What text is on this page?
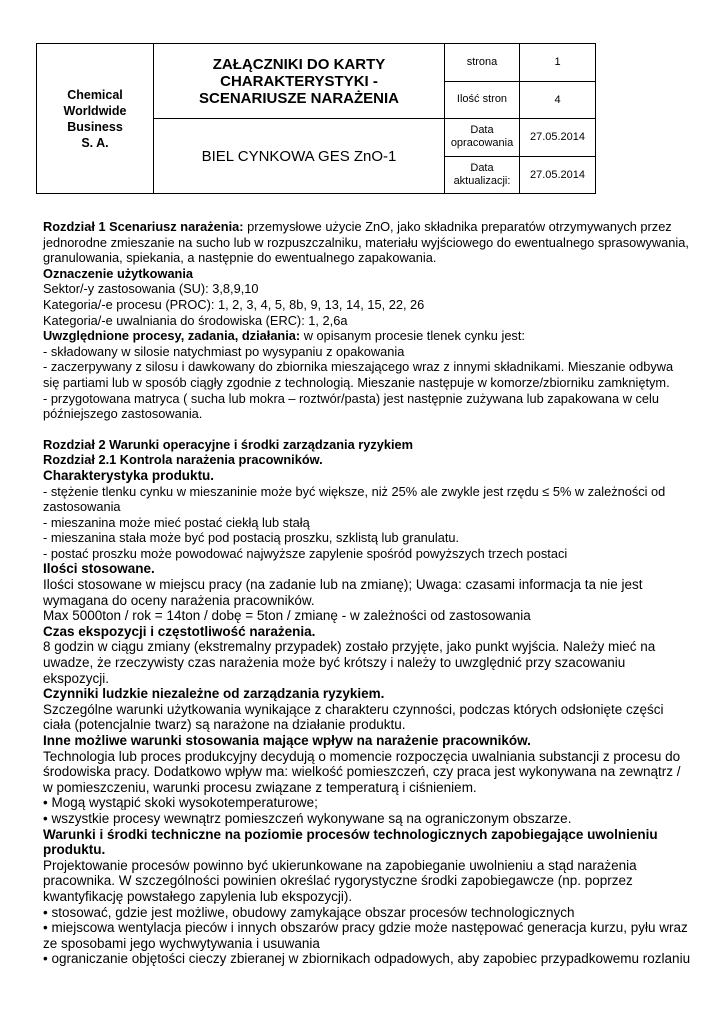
Chemical
Worldwide
Business
S. A.	ZAŁĄCZNIKI DO KARTY
CHARAKTERYSTYKI -
SCENARIUSZE NARAŻENIA	strona	1
		Ilość stron	4
	BIEL CYNKOWA GES ZnO-1	Data
opracowania	27.05.2014
		Data
aktualizacji:	27.05.2014

Rozdział 1 Scenariusz narażenia: przemysłowe użycie ZnO, jako składnika preparatów otrzymywanych przez jednorodne zmieszanie na sucho lub w rozpuszczalniku, materiału wyjściowego do ewentualnego sprasowywania, granulowania, spiekania, a następnie do ewentualnego zapakowania.

Oznaczenie użytkowania

Sektor/-y zastosowania (SU): 3,8,9,10

Kategoria/-e procesu (PROC): 1, 2, 3, 4, 5, 8b, 9, 13, 14, 15, 22, 26

Kategoria/-e uwalniania do środowiska (ERC): 1, 2,6a

Uwzględnione procesy, zadania, działania: w opisanym procesie tlenek cynku jest:

- składowany w silosie natychmiast po wysypaniu z opakowania

- zaczerpywany z silosu i dawkowany do zbiornika mieszającego wraz z innymi składnikami. Mieszanie odbywa się partiami lub w sposób ciągły zgodnie z technologią. Mieszanie następuje w komorze/zbiorniku zamkniętym.

- przygotowana matryca ( sucha lub mokra – roztwór/pasta) jest następnie zużywana lub zapakowana w celu późniejszego zastosowania.

Rozdział 2 Warunki operacyjne i środki zarządzania ryzykiem

Rozdział 2.1 Kontrola narażenia pracowników.

Charakterystyka produktu.

- stężenie tlenku cynku w mieszaninie może być większe, niż 25% ale zwykle jest rzędu ≤ 5% w zależności od zastosowania

- mieszanina może mieć postać ciekłą lub stałą

- mieszanina stała może być pod postacią proszku, szklistą lub granulatu.

- postać proszku może powodować najwyższe zapylenie spośród powyższych trzech postaci

Ilości stosowane.

Ilości stosowane w miejscu pracy (na zadanie lub na zmianę); Uwaga: czasami informacja ta nie jest wymagana do oceny narażenia pracowników.

Max 5000ton / rok = 14ton / dobę = 5ton / zmianę - w zależności od zastosowania

Czas ekspozycji i częstotliwość narażenia.

8 godzin w ciągu zmiany (ekstremalny przypadek) zostało przyjęte, jako punkt wyjścia. Należy mieć na uwadze, że rzeczywisty czas narażenia może być krótszy i należy to uwzględnić przy szacowaniu ekspozycji.

Czynniki ludzkie niezależne od zarządzania ryzykiem.

Szczególne warunki użytkowania wynikające z charakteru czynności, podczas których odsłonięte części ciała (potencjalnie twarz) są narażone na działanie produktu.

Inne możliwe warunki stosowania mające wpływ na narażenie pracowników.

Technologia lub proces produkcyjny decydują o momencie rozpoczęcia uwalniania substancji z procesu do środowiska pracy. Dodatkowo wpływ ma: wielkość pomieszczeń, czy praca jest wykonywana na zewnątrz / w pomieszczeniu, warunki procesu związane z temperaturą i ciśnieniem.

• Mogą wystąpić skoki wysokotemperaturowe;

• wszystkie procesy wewnątrz pomieszczeń wykonywane są na ograniczonym obszarze.

Warunki i środki techniczne na poziomie procesów technologicznych zapobiegające uwolnieniu produktu.

Projektowanie procesów powinno być ukierunkowane na zapobieganie uwolnieniu a stąd narażenia pracownika. W szczególności powinien określać rygorystyczne środki zapobiegawcze (np. poprzez kwantyfikację powstałego zapylenia lub ekspozycji).

• stosować, gdzie jest możliwe, obudowy zamykające obszar procesów technologicznych

• miejscowa wentylacja pieców i innych obszarów pracy gdzie może następować generacja kurzu, pyłu wraz ze sposobami jego wychwytywania i usuwania

• ograniczanie objętości cieczy zbieranej w zbiornikach odpadowych, aby zapobiec przypadkowemu rozlaniu
